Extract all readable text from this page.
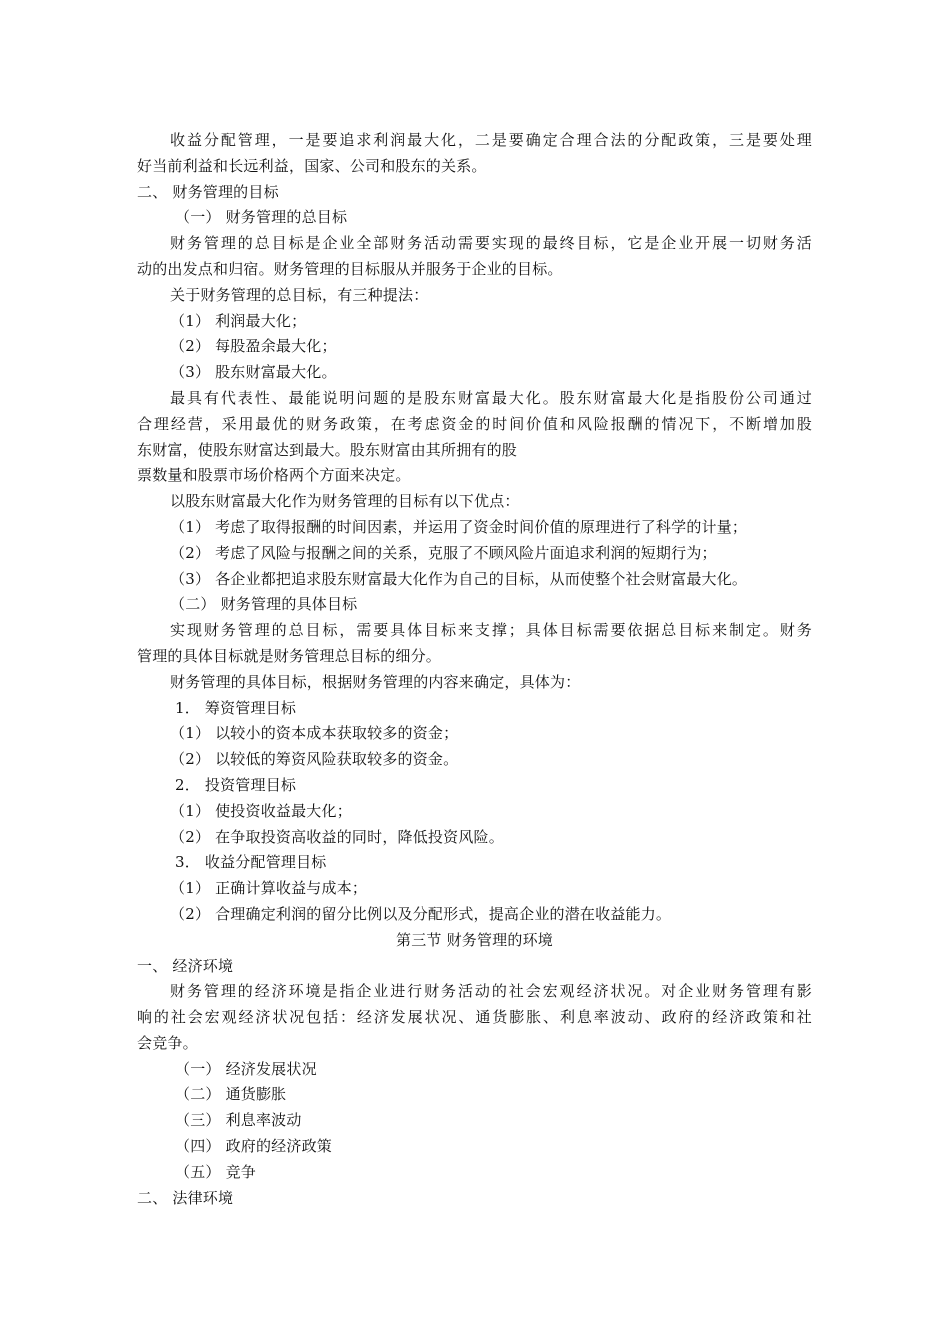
收益分配管理，一是要追求利润最大化，二是要确定合理合法的分配政策，三是要处理
好当前利益和长远利益，国家、公司和股东的关系。
二、 财务管理的目标
（一） 财务管理的总目标
财务管理的总目标是企业全部财务活动需要实现的最终目标，它是企业开展一切财务活
动的出发点和归宿。财务管理的目标服从并服务于企业的目标。
关于财务管理的总目标，有三种提法：
（1） 利润最大化；
（2） 每股盈余最大化；
（3） 股东财富最大化。
最具有代表性、最能说明问题的是股东财富最大化。股东财富最大化是指股份公司通过
合理经营，采用最优的财务政策，在考虑资金的时间价值和风险报酬的情况下，不断增加股
东财富，使股东财富达到最大。股东财富由其所拥有的股
票数量和股票市场价格两个方面来决定。
以股东财富最大化作为财务管理的目标有以下优点：
（1） 考虑了取得报酬的时间因素，并运用了资金时间价值的原理进行了科学的计量；
（2） 考虑了风险与报酬之间的关系，克服了不顾风险片面追求利润的短期行为；
（3） 各企业都把追求股东财富最大化作为自己的目标，从而使整个社会财富最大化。
（二） 财务管理的具体目标
实现财务管理的总目标，需要具体目标来支撑；具体目标需要依据总目标来制定。财务
管理的具体目标就是财务管理总目标的细分。
财务管理的具体目标，根据财务管理的内容来确定，具体为：
1． 筹资管理目标
（1） 以较小的资本成本获取较多的资金；
（2） 以较低的筹资风险获取较多的资金。
2． 投资管理目标
（1） 使投资收益最大化；
（2） 在争取投资高收益的同时，降低投资风险。
3． 收益分配管理目标
（1） 正确计算收益与成本；
（2） 合理确定利润的留分比例以及分配形式，提高企业的潜在收益能力。
第三节 财务管理的环境
一、 经济环境
财务管理的经济环境是指企业进行财务活动的社会宏观经济状况。对企业财务管理有影
响的社会宏观经济状况包括：经济发展状况、通货膨胀、利息率波动、政府的经济政策和社
会竞争。
（一） 经济发展状况
（二） 通货膨胀
（三） 利息率波动
（四） 政府的经济政策
（五） 竞争
二、 法律环境
